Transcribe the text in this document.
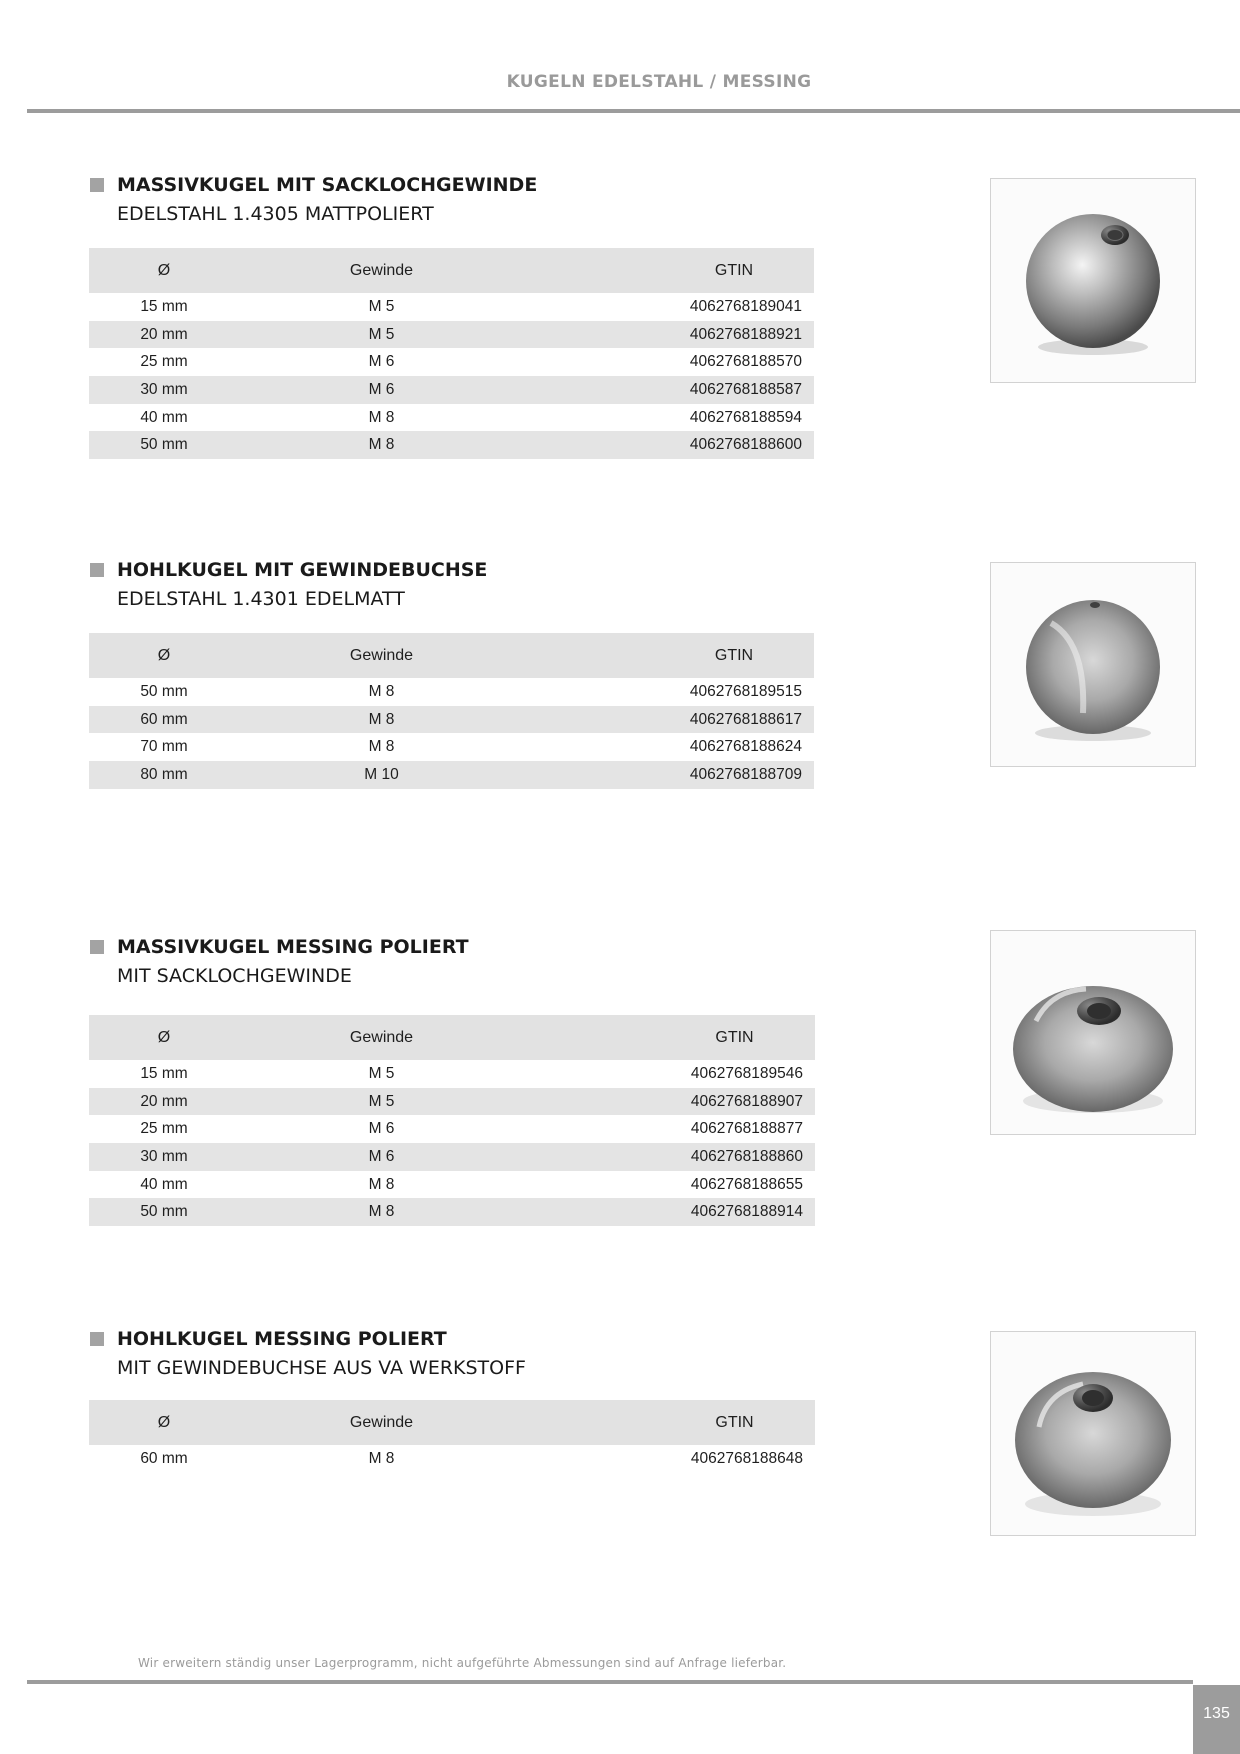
KUGELN EDELSTAHL / MESSING
MASSIVKUGEL MIT SACKLOCHGEWINDE
EDELSTAHL 1.4305 MATTPOLIERT
Ø	Gewinde	GTIN
15 mm	M 5	4062768189041
20 mm	M 5	4062768188921
25 mm	M 6	4062768188570
30 mm	M 6	4062768188587
40 mm	M 8	4062768188594
50 mm	M 8	4062768188600
HOHLKUGEL MIT GEWINDEBUCHSE
EDELSTAHL 1.4301 EDELMATT
Ø	Gewinde	GTIN
50 mm	M 8	4062768189515
60 mm	M 8	4062768188617
70 mm	M 8	4062768188624
80 mm	M 10	4062768188709
MASSIVKUGEL MESSING POLIERT
MIT SACKLOCHGEWINDE
Ø	Gewinde	GTIN
15 mm	M 5	4062768189546
20 mm	M 5	4062768188907
25 mm	M 6	4062768188877
30 mm	M 6	4062768188860
40 mm	M 8	4062768188655
50 mm	M 8	4062768188914
HOHLKUGEL MESSING POLIERT
MIT GEWINDEBUCHSE AUS VA WERKSTOFF
Ø	Gewinde	GTIN
60 mm	M 8	4062768188648
Wir erweitern ständig unser Lagerprogramm, nicht aufgeführte Abmessungen sind auf Anfrage lieferbar.
135
